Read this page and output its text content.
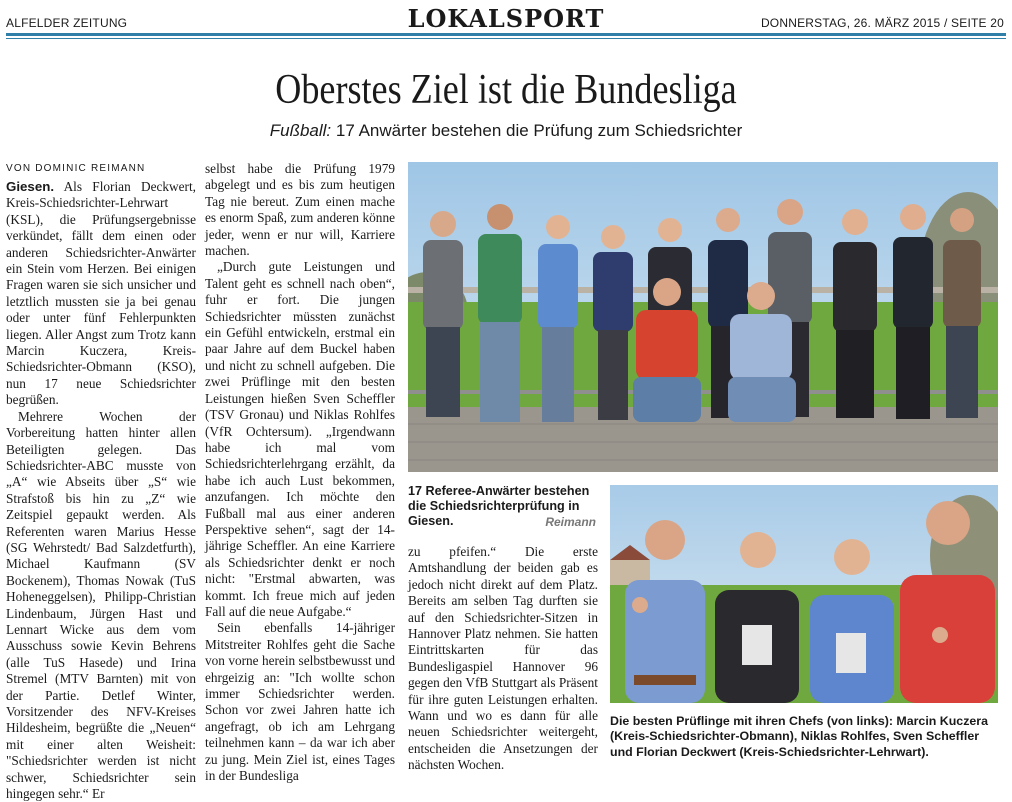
ALFELDER ZEITUNG	LOKALSPORT	DONNERSTAG, 26. MÄRZ 2015 / SEITE 20
Oberstes Ziel ist die Bundesliga
Fußball: 17 Anwärter bestehen die Prüfung zum Schiedsrichter
VON DOMINIC REIMANN

Giesen. Als Florian Deckwert, Kreis-Schiedsrichter-Lehrwart (KSL), die Prüfungsergebnisse verkündet, fällt dem einen oder anderen Schiedsrichter-Anwärter ein Stein vom Herzen. Bei einigen Fragen waren sie sich unsicher und letztlich mussten sie ja bei genau oder unter fünf Fehlerpunkten liegen. Aller Angst zum Trotz kann Marcin Kuczera, Kreis-Schiedsrichter-Obmann (KSO), nun 17 neue Schiedsrichter begrüßen.

Mehrere Wochen der Vorbereitung hatten hinter allen Beteiligten gelegen. Das Schiedsrichter-ABC musste von „A“ wie Abseits über „S“ wie Strafstoß bis hin zu „Z“ wie Zeitspiel gepaukt werden. Als Referenten waren Marius Hesse (SG Wehrstedt/ Bad Salzdetfurth), Michael Kaufmann (SV Bockenem), Thomas Nowak (TuS Hoheneggelsen), Philipp-Christian Lindenbaum, Jürgen Hast und Lennart Wicke aus dem vom Ausschuss sowie Kevin Behrens (alle TuS Hasede) und Irina Stremel (MTV Barnten) mit von der Partie. Detlef Winter, Vorsitzender des NFV-Kreises Hildesheim, begrüßte die „Neuen“ mit einer alten Weisheit: "Schiedsrichter werden ist nicht schwer, Schiedsrichter sein hingegen sehr.“ Er

selbst habe die Prüfung 1979 abgelegt und es bis zum heutigen Tag nie bereut. Zum einen mache es enorm Spaß, zum anderen könne jeder, wenn er nur will, Karriere machen.

„Durch gute Leistungen und Talent geht es schnell nach oben“, fuhr er fort. Die jungen Schiedsrichter müssten zunächst ein Gefühl entwickeln, erstmal ein paar Jahre auf dem Buckel haben und nicht zu schnell aufgeben. Die zwei Prüflinge mit den besten Leistungen hießen Sven Scheffler (TSV Gronau) und Niklas Rohlfes (VfR Ochtersum). „Irgendwann habe ich mal vom Schiedsrichterlehrgang erzählt, da habe ich auch Lust bekommen, anzufangen. Ich möchte den Fußball mal aus einer anderen Perspektive sehen“, sagt der 14-jährige Scheffler. An eine Karriere als Schiedsrichter denkt er noch nicht: "Erstmal abwarten, was kommt. Ich freue mich auf jeden Fall auf die neue Aufgabe.“

Sein ebenfalls 14-jähriger Mitstreiter Rohlfes geht die Sache von vorne herein selbstbewusst und ehrgeizig an: "Ich wollte schon immer Schiedsrichter werden. Schon vor zwei Jahren hatte ich angefragt, ob ich am Lehrgang teilnehmen kann – da war ich aber zu jung. Mein Ziel ist, eines Tages in der Bundesliga

zu pfeifen.“ Die erste Amtshandlung der beiden gab es jedoch nicht direkt auf dem Platz. Bereits am selben Tag durften sie auf den Schiedsrichter-Sitzen in Hannover Platz nehmen. Sie hatten Eintrittskarten für das Bundesligaspiel Hannover 96 gegen den VfB Stuttgart als Präsent für ihre guten Leistungen erhalten. Wann und wo es dann für alle neuen Schiedsrichter weitergeht, entscheiden die Ansetzungen der nächsten Wochen.

17 Referee-Anwärter bestehen die Schiedsrichterprüfung in Giesen.	Reimann
Die besten Prüflinge mit ihren Chefs (von links): Marcin Kuczera (Kreis-Schiedsrichter-Obmann), Niklas Rohlfes, Sven Scheffler und Florian Deckwert (Kreis-Schiedsrichter-Lehrwart).
